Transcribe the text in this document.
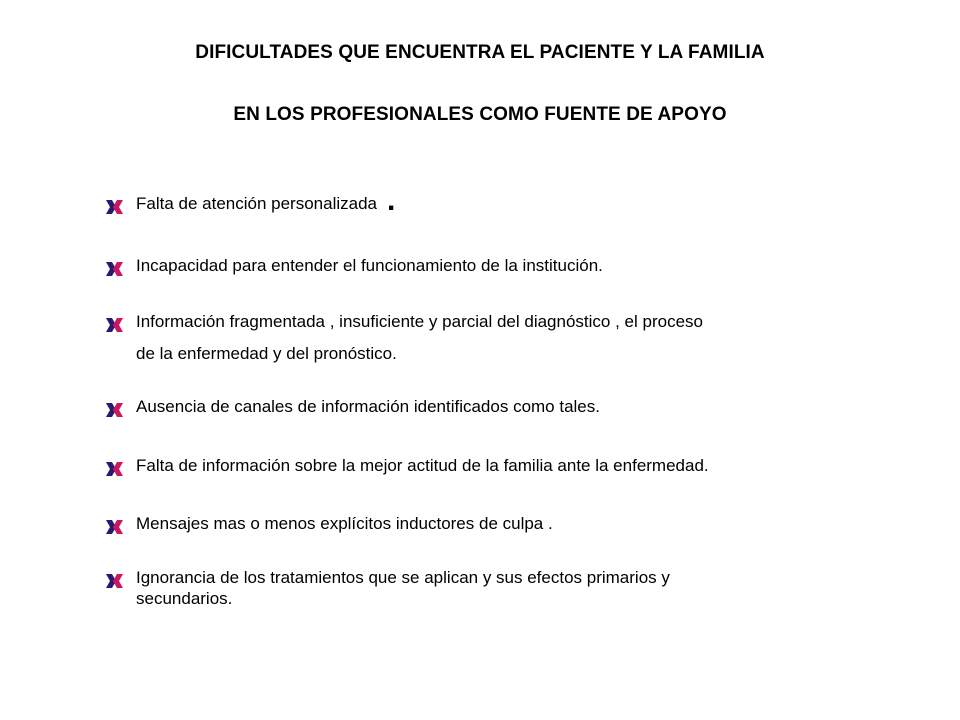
DIFICULTADES QUE ENCUENTRA EL PACIENTE Y LA FAMILIA
EN LOS PROFESIONALES COMO FUENTE DE APOYO
Falta de atención personalizada .
Incapacidad para entender el funcionamiento de la institución.
Información fragmentada , insuficiente y parcial del diagnóstico , el proceso
de la enfermedad y del pronóstico.
Ausencia de canales de información identificados como tales.
Falta de información sobre la mejor actitud de la familia ante la enfermedad.
Mensajes mas o menos explícitos inductores de culpa .
Ignorancia de los tratamientos que se aplican y sus efectos primarios y
secundarios.
